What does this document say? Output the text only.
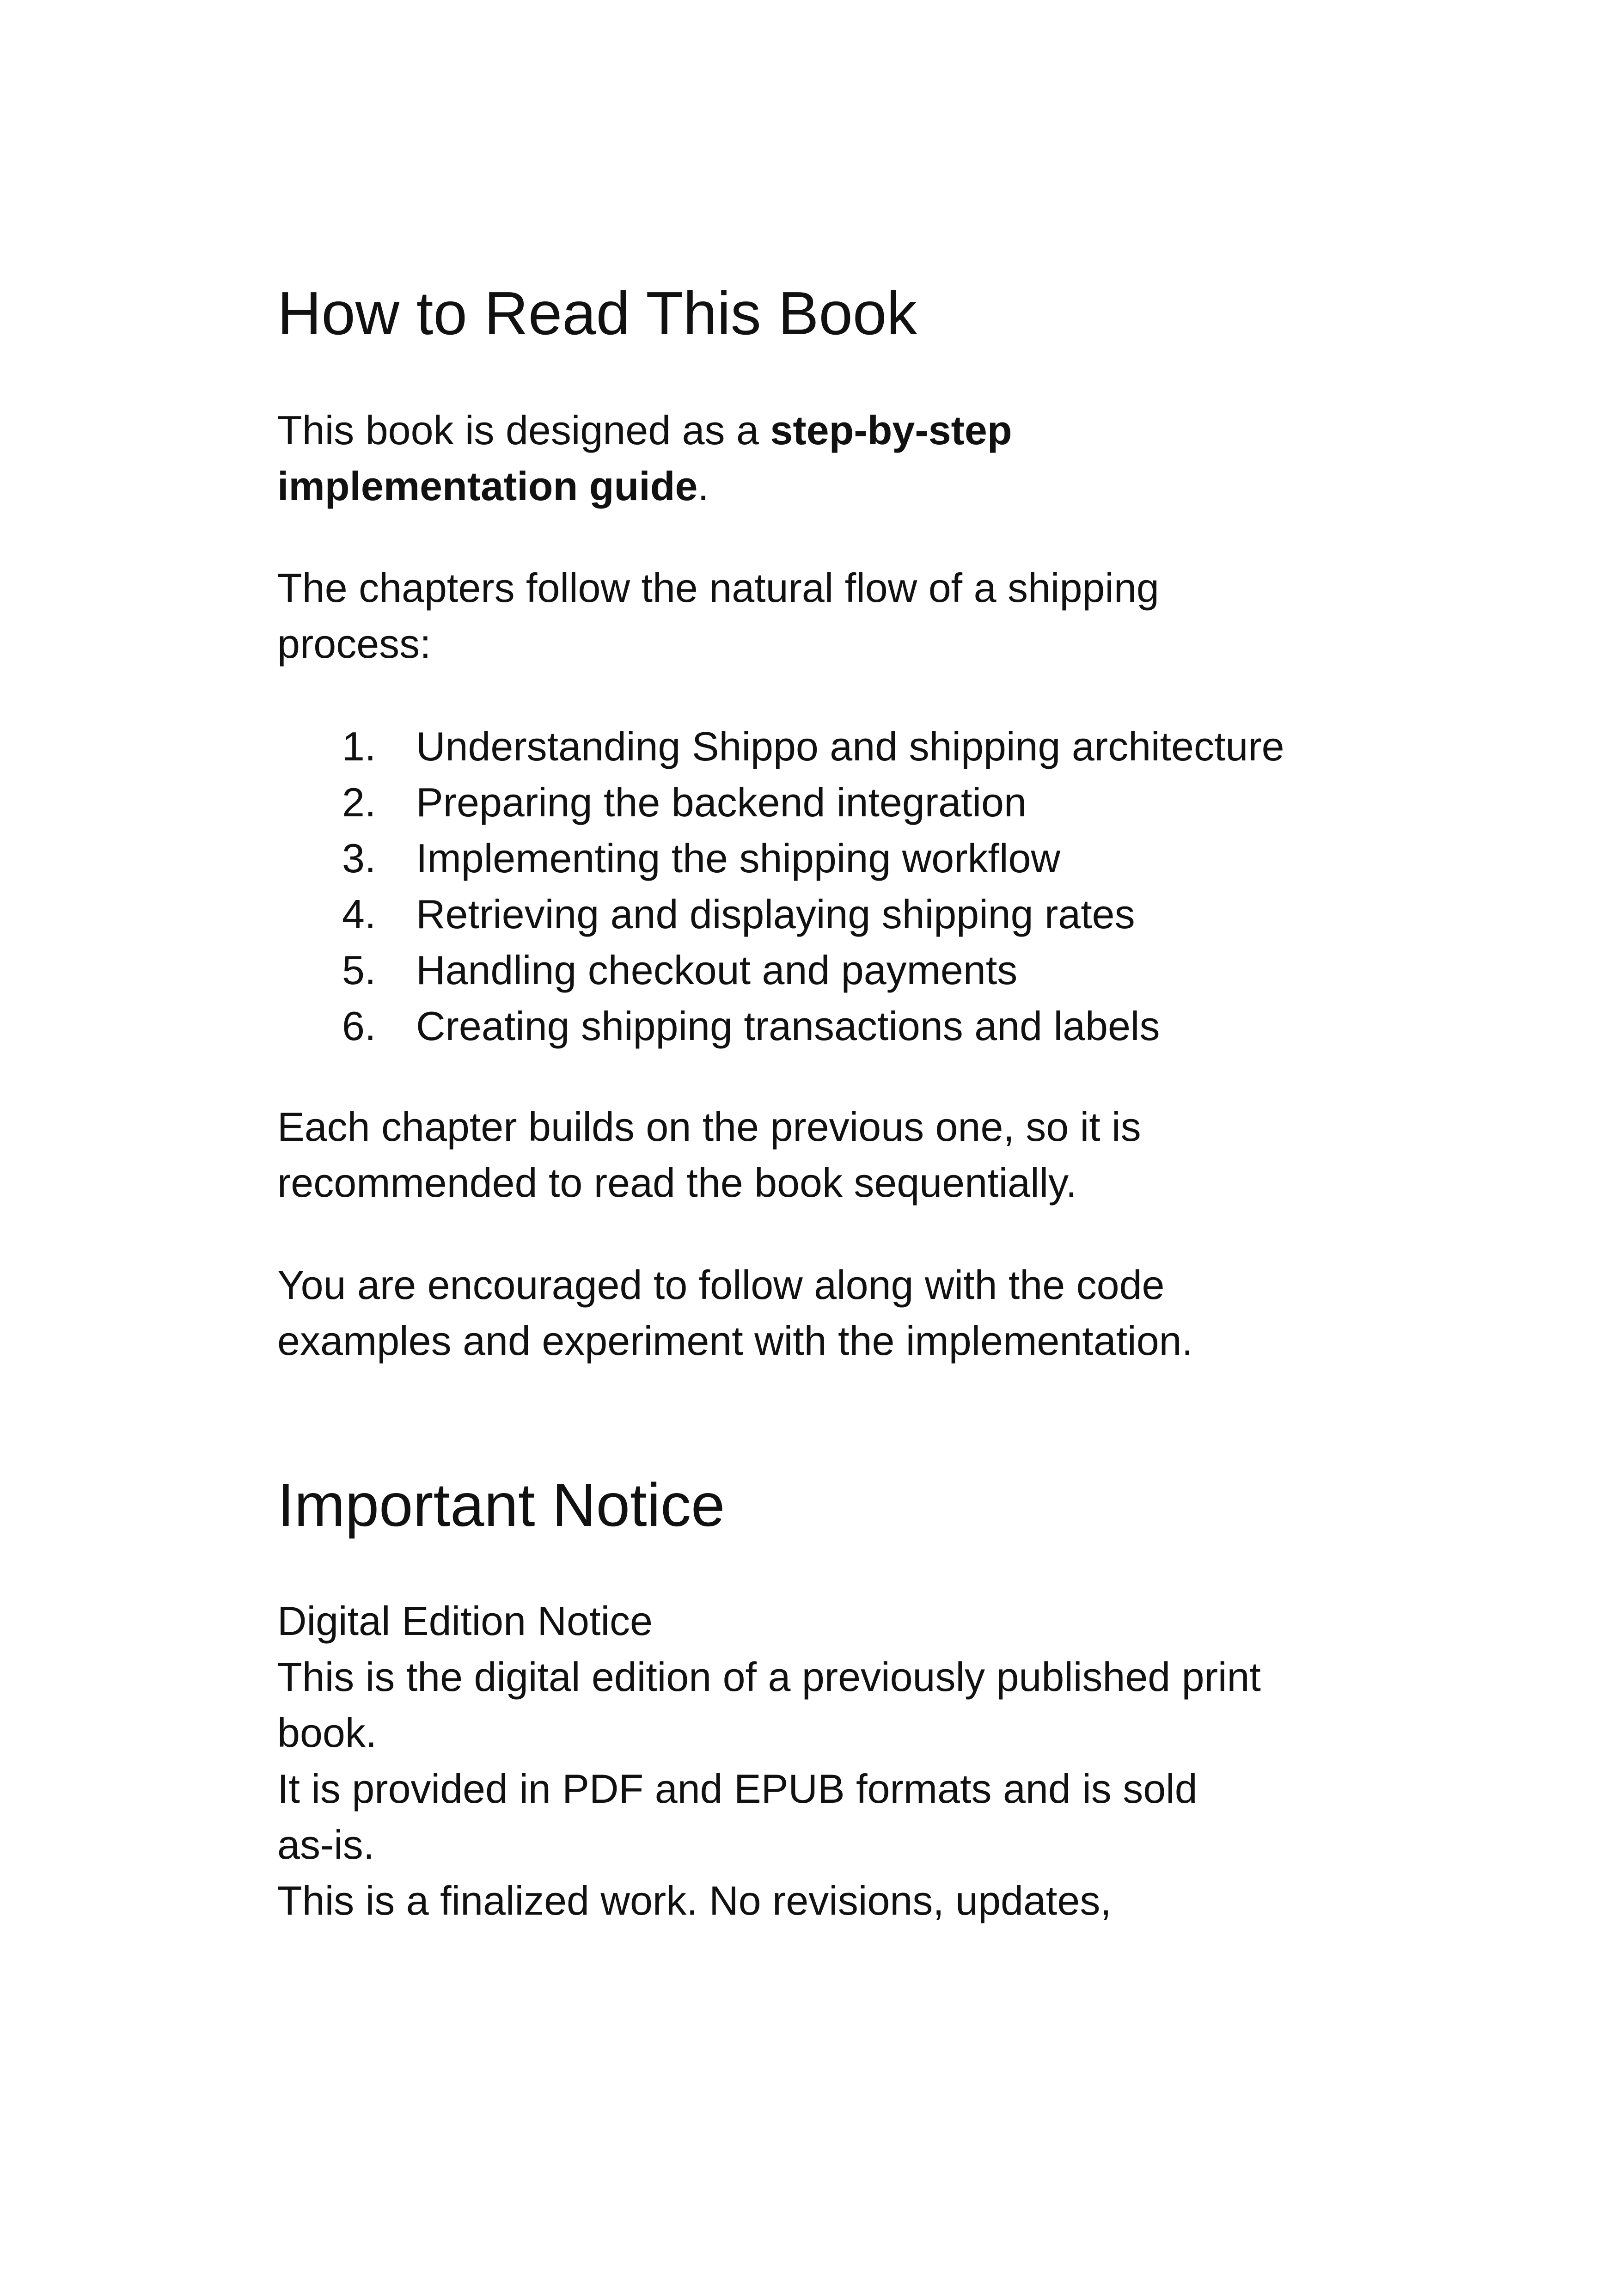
How to Read This Book

This book is designed as a step-by-step implementation guide.

The chapters follow the natural flow of a shipping process:

1. Understanding Shippo and shipping architecture
2. Preparing the backend integration
3. Implementing the shipping workflow
4. Retrieving and displaying shipping rates
5. Handling checkout and payments
6. Creating shipping transactions and labels

Each chapter builds on the previous one, so it is recommended to read the book sequentially.

You are encouraged to follow along with the code examples and experiment with the implementation.

Important Notice
Digital Edition Notice
This is the digital edition of a previously published print book.
It is provided in PDF and EPUB formats and is sold as-is.
This is a finalized work. No revisions, updates,
